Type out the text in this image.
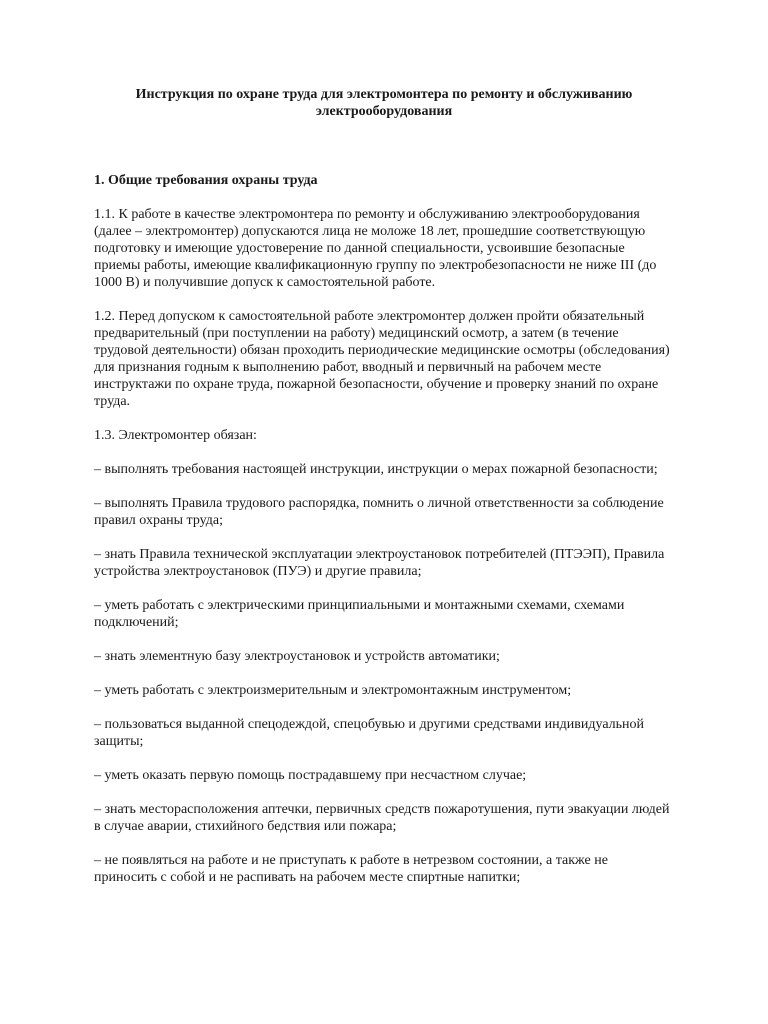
Инструкция по охране труда для электромонтера по ремонту и обслуживанию электрооборудования
1. Общие требования охраны труда

1.1. К работе в качестве электромонтера по ремонту и обслуживанию электрооборудования (далее – электромонтер) допускаются лица не моложе 18 лет, прошедшие соответствующую подготовку и имеющие удостоверение по данной специальности, усвоившие безопасные приемы работы, имеющие квалификационную группу по электробезопасности не ниже III (до 1000 В) и получившие допуск к самостоятельной работе.

1.2. Перед допуском к самостоятельной работе электромонтер должен пройти обязательный предварительный (при поступлении на работу) медицинский осмотр, а затем (в течение трудовой деятельности) обязан проходить периодические медицинские осмотры (обследования) для признания годным к выполнению работ, вводный и первичный на рабочем месте инструктажи по охране труда, пожарной безопасности, обучение и проверку знаний по охране труда.

1.3. Электромонтер обязан:

– выполнять требования настоящей инструкции, инструкции о мерах пожарной безопасности;

– выполнять Правила трудового распорядка, помнить о личной ответственности за соблюдение правил охраны труда;

– знать Правила технической эксплуатации электроустановок потребителей (ПТЭЭП), Правила устройства электроустановок (ПУЭ) и другие правила;

– уметь работать с электрическими принципиальными и монтажными схемами, схемами подключений;

– знать элементную базу электроустановок и устройств автоматики;

– уметь работать с электроизмерительным и электромонтажным инструментом;

– пользоваться выданной спецодеждой, спецобувью и другими средствами индивидуальной защиты;

– уметь оказать первую помощь пострадавшему при несчастном случае;

– знать месторасположения аптечки, первичных средств пожаротушения, пути эвакуации людей в случае аварии, стихийного бедствия или пожара;

– не появляться на работе и не приступать к работе в нетрезвом состоянии, а также не приносить с собой и не распивать на рабочем месте спиртные напитки;
